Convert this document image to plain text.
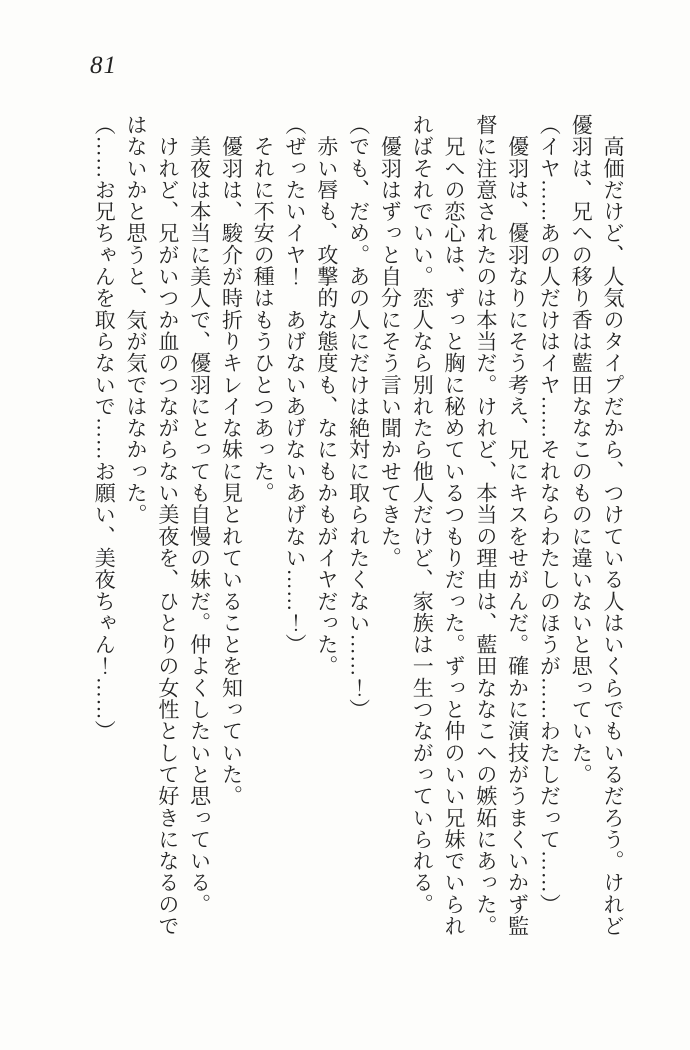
81
　高価だけど、人気のタイプだから、つけている人はいくらでもいるだろう。けれど
優羽は、兄への移り香は藍田ななこのものに違いないと思っていた。
（イヤ……あの人だけはイヤ……それならわたしのほうが……わたしだって……）
　優羽は、優羽なりにそう考え、兄にキスをせがんだ。確かに演技がうまくいかず監
督に注意されたのは本当だ。けれど、本当の理由は、藍田ななこへの嫉妬にあった。
　兄への恋心は、ずっと胸に秘めているつもりだった。ずっと仲のいい兄妹でいられ
ればそれでいい。恋人なら別れたら他人だけど、家族は一生つながっていられる。
　優羽はずっと自分にそう言い聞かせてきた。
（でも、だめ。あの人にだけは絶対に取られたくない……！）
　赤い唇も、攻撃的な態度も、なにもかもがイヤだった。
（ぜったいイヤ！　あげないあげないあげない……！）
　それに不安の種はもうひとつあった。
　優羽は、駿介が時折りキレイな妹に見とれていることを知っていた。
　美夜は本当に美人で、優羽にとっても自慢の妹だ。仲よくしたいと思っている。
　けれど、兄がいつか血のつながらない美夜を、ひとりの女性として好きになるので
はないかと思うと、気が気ではなかった。
（……お兄ちゃんを取らないで……お願い、美夜ちゃん！……）
